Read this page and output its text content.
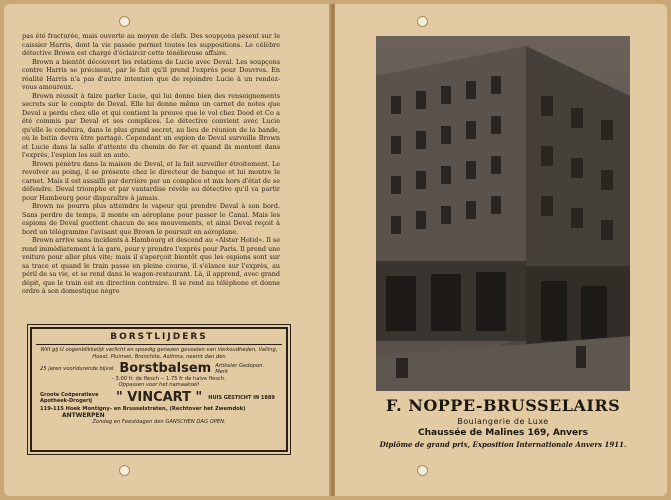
pas été fracturée, mais ouverte au moyen de clefs. Des soupçons pèsent sur le caissier Harris, dont la vie passée permet toutes les suppositions. Le célèbre détective Brown est chargé d'éclaircir cette ténébreuse affaire.

Brown a bientôt découvert les relations de Lucie avec Deval. Les soupçons contre Harris se précisent, par le fait qu'il prend l'exprès pour Douvres. En réalité Harris n'a pas d'autre intention que de rejoindre Lucie à un rendez-vous amoureux.

Brown réussit à faire parler Lucie, qui lui donne bien des renseignements secrets sur le compte de Deval. Elle lui donne même un carnet de notes que Deval a perdu chez elle et qui contient la preuve que le vol chez Dood et Co a été commis par Deval et ses complices. Le détective convient avec Lucie qu'elle le conduira, dans le plus grand secret, au lieu de réunion de la bande, où le butin devra être partagé. Cependant un espion de Deval surveille Brown et Lucie dans la salle d'attente du chemin de fer et quand ils montent dans l'exprès, l'espion les suit en auto.

Brown pénètre dans la maison de Deval, et la fait surveiller étroitement. Le revolver au poing, il se présente chez le directeur de banque et lui montre le carnet. Mais il est assailli par derrière par un complice et mis hors d'état de se défendre. Deval triomphe et par vantardise révèle au détective qu'il va partir pour Hambourg pour disparaître à jamais.

Brown ne pourra plus atteindre le vapeur qui prendre Deval à son bord. Sans perdre de temps, il monte en aéroplane pour passer le Canal. Mais les espions de Deval guettent chacun de ses mouvements, et ainsi Deval reçoit à bord un télégramme l'avisant que Brown le poursuit en aéroplane.

Brown arrive sans incidents à Hambourg et descend au «Alster Hotel». Il se rend immédiatement à la gare, pour y prendre l'exprès pour Paris. Il prend une voiture pour aller plus vite; mais il s'aperçoit bientôt que les espions sont sur sa trace et quand le train passe en pleine course, il s'élance sur l'exprès, au péril de sa vie, et se rend dans le wagon-restaurant. Là, il apprend, avec grand dépit, que le train est en direction contraire. Il se rend au téléphone et donne ordre à son domestique nègre

BORSTLIJDERS
Wilt gij U oogenblikkelijk verlicht en spoedig genezen gevoelen van Verkoudheden, Valling, Hoest, Pluimen, Bronchite, Asthma, neemt dan den
25 jaren voorldurende bijval. Borstbalsem Artikeler Gedepon. Merk
- 3.00 fr. de flesch -- 1.75 fr de halve flesch.
Oppassen voor het namaaksel!
Groote Coöperatieve Apotheek-Drogerij	" VINCART " HUIS GESTICHT IN 1889
119-115 Hoek Montigny- en Brusselstraten, (Rechtover het Zwemdok)
ANTWERPEN
Zondag en Feestdagen den GANSCHEN DAG OPEN.
F. NOPPE-BRUSSELAIRS
Boulangerie de Luxe
Chaussée de Malines 169, Anvers
Diplôme de grand prix, Exposition Internationale Anvers 1911.
